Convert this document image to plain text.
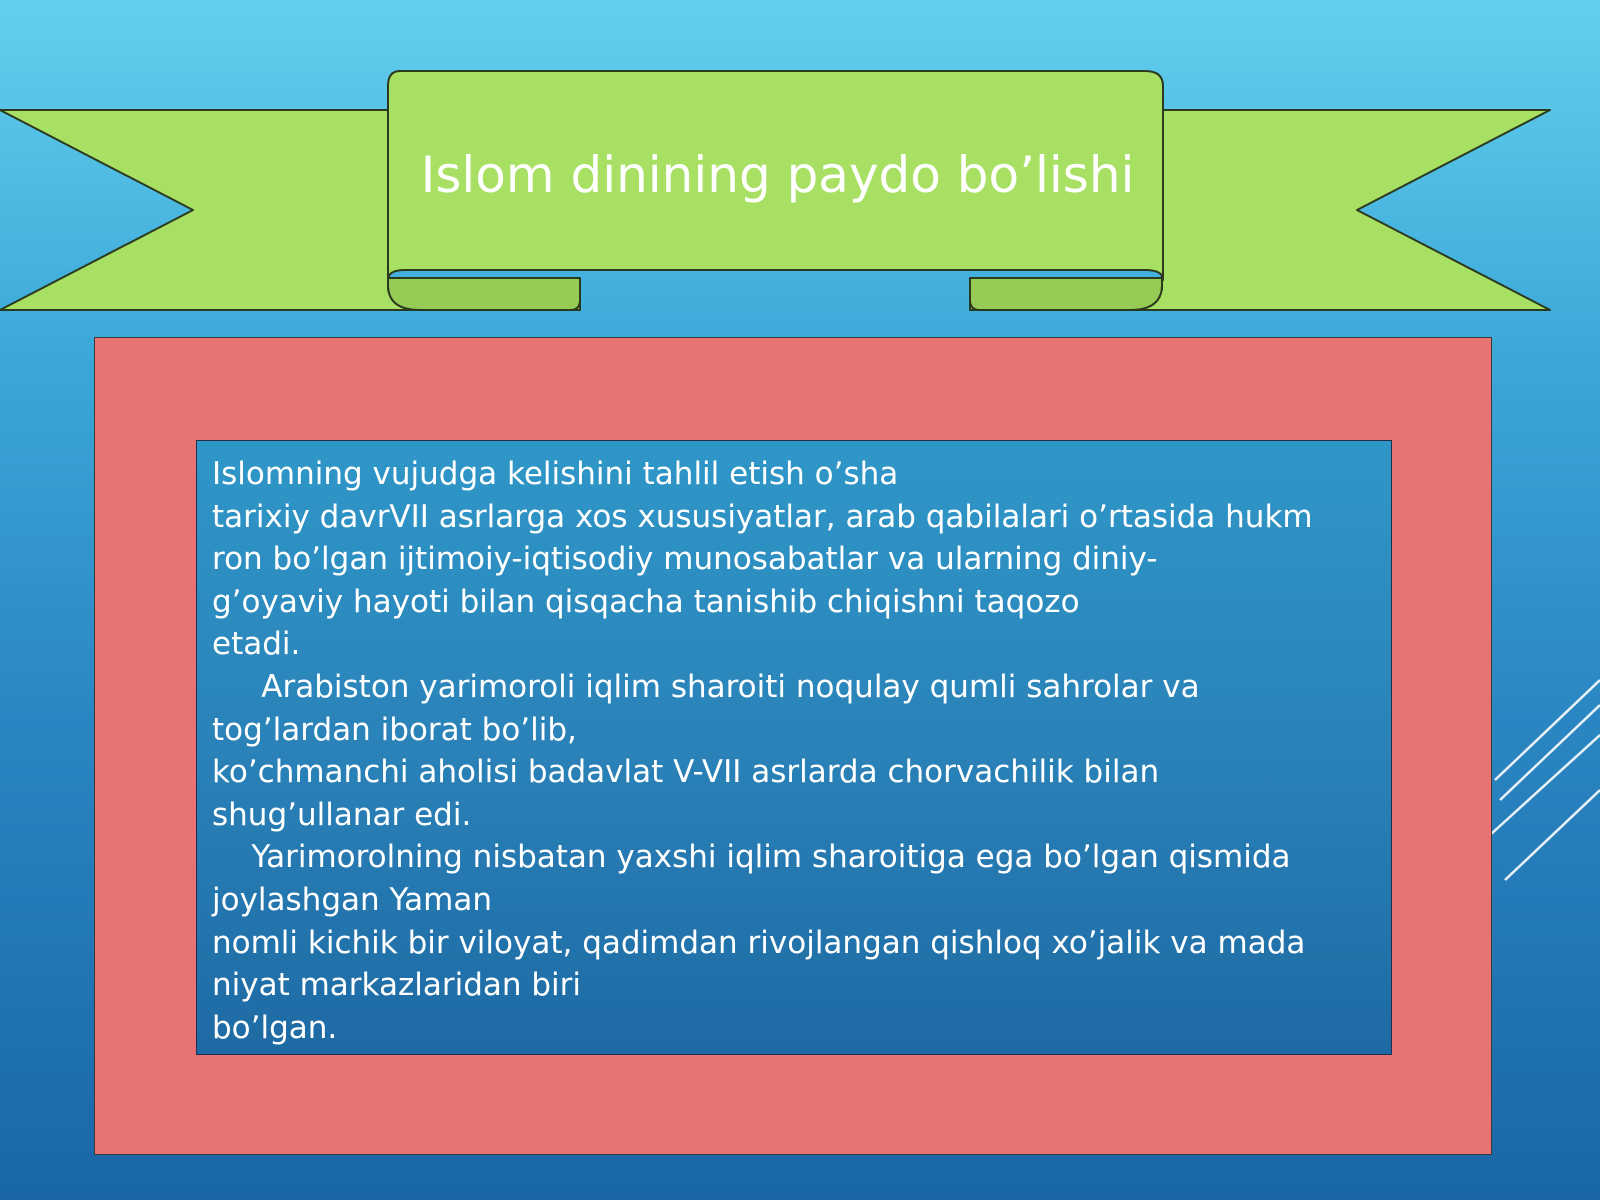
Islom dinining paydo bo’lishi

Islomning vujudga kelishini tahlil etish o’sha
tarixiy davrVII asrlarga xos xususiyatlar, arab qabilalari o’rtasida hukm
ron bo’lgan ijtimoiy-iqtisodiy munosabatlar va ularning diniy-
g’oyaviy hayoti bilan qisqacha tanishib chiqishni taqozo
etadi.
Arabiston yarimoroli iqlim sharoiti noqulay qumli sahrolar va
tog’lardan iborat bo’lib,
ko’chmanchi aholisi badavlat V-VII asrlarda chorvachilik bilan
shug’ullanar edi.
Yarimorolning nisbatan yaxshi iqlim sharoitiga ega bo’lgan qismida
joylashgan Yaman
nomli kichik bir viloyat, qadimdan rivojlangan qishloq xo’jalik va mada
niyat markazlaridan biri
bo’lgan.
